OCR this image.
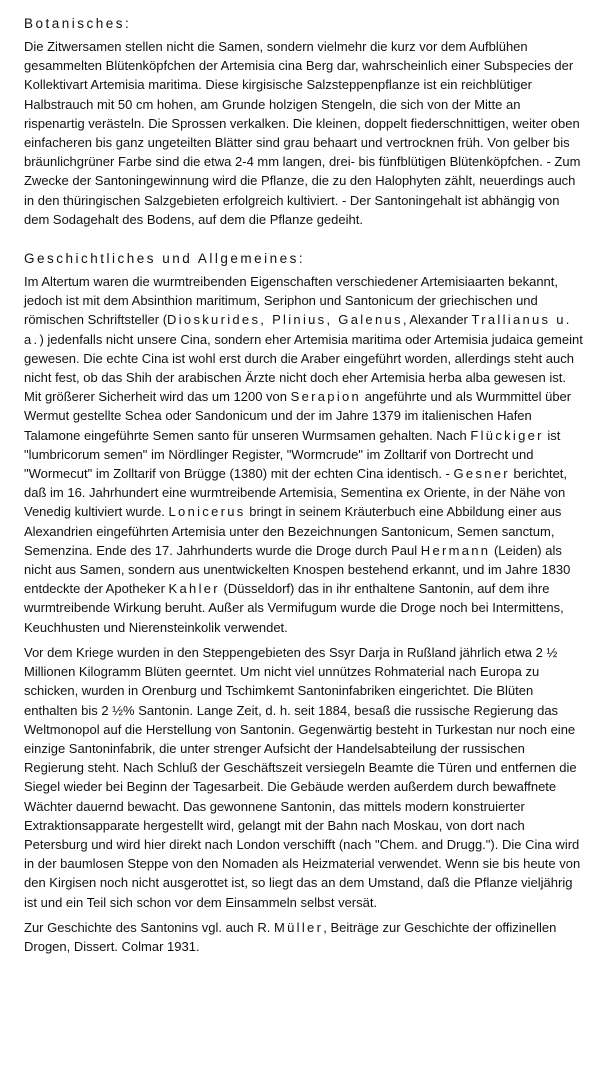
Botanisches:

Die Zitwersamen stellen nicht die Samen, sondern vielmehr die kurz vor dem Aufblühen gesammelten Blütenköpfchen der Artemisia cina Berg dar, wahrscheinlich einer Subspecies der Kollektivart Artemisia maritima. Diese kirgisische Salzsteppenpflanze ist ein reichblütiger Halbstrauch mit 50 cm hohen, am Grunde holzigen Stengeln, die sich von der Mitte an rispenartig verästeln. Die Sprossen verkalken. Die kleinen, doppelt fiederschnittigen, weiter oben einfacheren bis ganz ungeteilten Blätter sind grau behaart und vertrocknen früh. Von gelber bis bräunlichgrüner Farbe sind die etwa 2-4 mm langen, drei- bis fünfblütigen Blütenköpfchen. - Zum Zwecke der Santoningewinnung wird die Pflanze, die zu den Halophyten zählt, neuerdings auch in den thüringischen Salzgebieten erfolgreich kultiviert. - Der Santoningehalt ist abhängig von dem Sodagehalt des Bodens, auf dem die Pflanze gedeiht.

Geschichtliches und Allgemeines:

Im Altertum waren die wurmtreibenden Eigenschaften verschiedener Artemisiaarten bekannt, jedoch ist mit dem Absinthion maritimum, Seriphon und Santonicum der griechischen und römischen Schriftsteller (Dioskurides, Plinius, Galenus, Alexander Trallianus u. a.) jedenfalls nicht unsere Cina, sondern eher Artemisia maritima oder Artemisia judaica gemeint gewesen. Die echte Cina ist wohl erst durch die Araber eingeführt worden, allerdings steht auch nicht fest, ob das Shih der arabischen Ärzte nicht doch eher Artemisia herba alba gewesen ist. Mit größerer Sicherheit wird das um 1200 von Serapion angeführte und als Wurmmittel über Wermut gestellte Schea oder Sandonicum und der im Jahre 1379 im italienischen Hafen Talamone eingeführte Semen santo für unseren Wurmsamen gehalten. Nach Flückiger ist "lumbricorum semen" im Nördlinger Register, "Wormcrude" im Zolltarif von Dortrecht und "Wormecut" im Zolltarif von Brügge (1380) mit der echten Cina identisch. - Gesner berichtet, daß im 16. Jahrhundert eine wurmtreibende Artemisia, Sementina ex Oriente, in der Nähe von Venedig kultiviert wurde. Lonicerus bringt in seinem Kräuterbuch eine Abbildung einer aus Alexandrien eingeführten Artemisia unter den Bezeichnungen Santonicum, Semen sanctum, Semenzina. Ende des 17. Jahrhunderts wurde die Droge durch Paul Hermann (Leiden) als nicht aus Samen, sondern aus unentwickelten Knospen bestehend erkannt, und im Jahre 1830 entdeckte der Apotheker Kahler (Düsseldorf) das in ihr enthaltene Santonin, auf dem ihre wurmtreibende Wirkung beruht. Außer als Vermifugum wurde die Droge noch bei Intermittens, Keuchhusten und Nierensteinkolik verwendet.

Vor dem Kriege wurden in den Steppengebieten des Ssyr Darja in Rußland jährlich etwa 2 ½ Millionen Kilogramm Blüten geerntet. Um nicht viel unnützes Rohmaterial nach Europa zu schicken, wurden in Orenburg und Tschimkemt Santoninfabriken eingerichtet. Die Blüten enthalten bis 2 ½% Santonin. Lange Zeit, d. h. seit 1884, besaß die russische Regierung das Weltmonopol auf die Herstellung von Santonin. Gegenwärtig besteht in Turkestan nur noch eine einzige Santoninfabrik, die unter strenger Aufsicht der Handelsabteilung der russischen Regierung steht. Nach Schluß der Geschäftszeit versiegeln Beamte die Türen und entfernen die Siegel wieder bei Beginn der Tagesarbeit. Die Gebäude werden außerdem durch bewaffnete Wächter dauernd bewacht. Das gewonnene Santonin, das mittels modern konstruierter Extraktionsapparate hergestellt wird, gelangt mit der Bahn nach Moskau, von dort nach Petersburg und wird hier direkt nach London verschifft (nach "Chem. and Drugg."). Die Cina wird in der baumlosen Steppe von den Nomaden als Heizmaterial verwendet. Wenn sie bis heute von den Kirgisen noch nicht ausgerottet ist, so liegt das an dem Umstand, daß die Pflanze vieljährig ist und ein Teil sich schon vor dem Einsammeln selbst versät.

Zur Geschichte des Santonins vgl. auch R. Müller, Beiträge zur Geschichte der offizinellen Drogen, Dissert. Colmar 1931.
